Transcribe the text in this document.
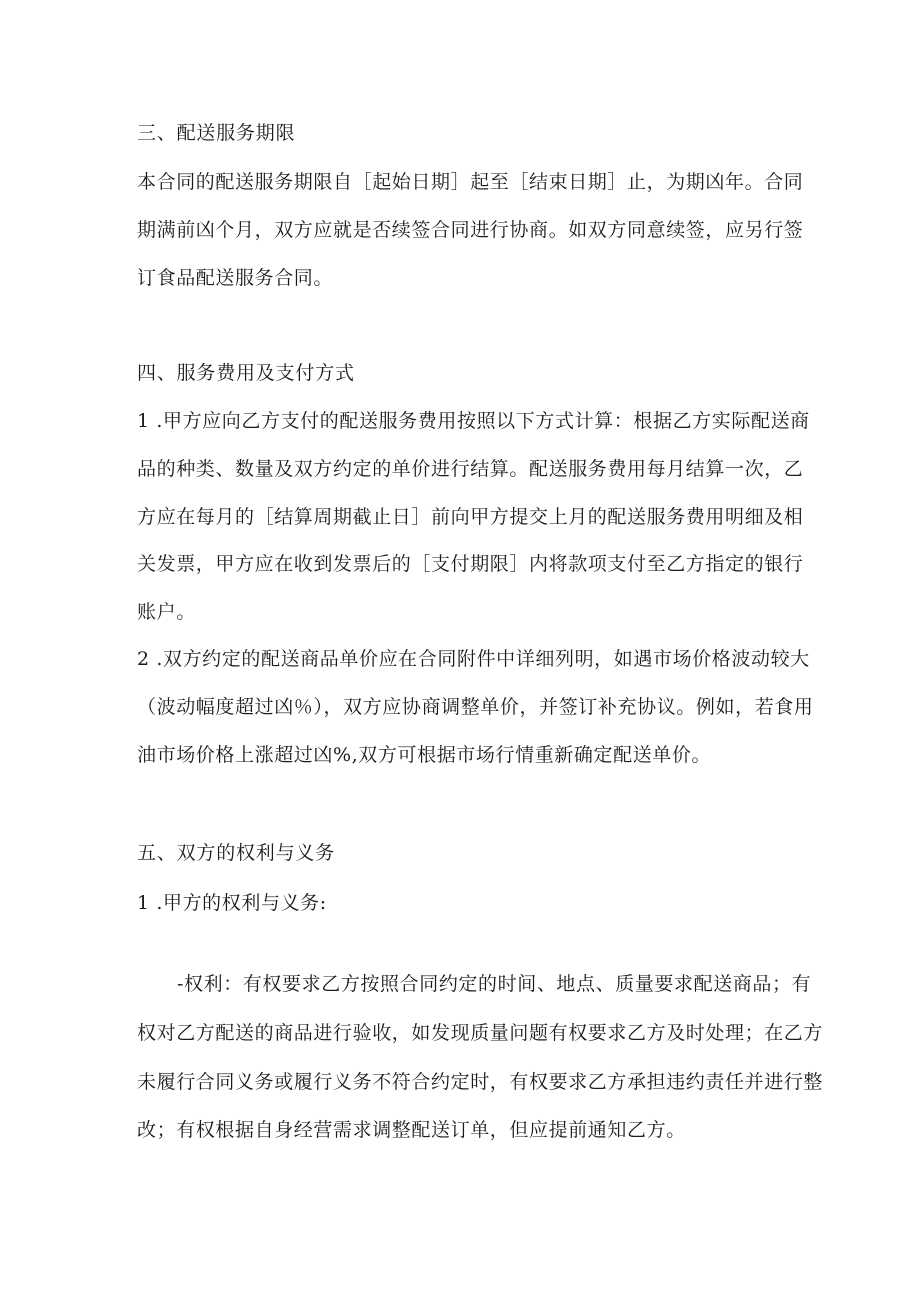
三、配送服务期限
本合同的配送服务期限自［起始日期］起至［结束日期］止，为期凶年。合同
期满前凶个月，双方应就是否续签合同进行协商。如双方同意续签，应另行签
订食品配送服务合同。
四、服务费用及支付方式
1 .甲方应向乙方支付的配送服务费用按照以下方式计算：根据乙方实际配送商
品的种类、数量及双方约定的单价进行结算。配送服务费用每月结算一次，乙
方应在每月的［结算周期截止日］前向甲方提交上月的配送服务费用明细及相
关发票，甲方应在收到发票后的［支付期限］内将款项支付至乙方指定的银行
账户。
2 .双方约定的配送商品单价应在合同附件中详细列明，如遇市场价格波动较大
（波动幅度超过凶％），双方应协商调整单价，并签订补充协议。例如，若食用
油市场价格上涨超过凶%,双方可根据市场行情重新确定配送单价。
五、双方的权利与义务
1 .甲方的权利与义务:
-权利：有权要求乙方按照合同约定的时间、地点、质量要求配送商品；有
权对乙方配送的商品进行验收，如发现质量问题有权要求乙方及时处理；在乙方
未履行合同义务或履行义务不符合约定时，有权要求乙方承担违约责任并进行整
改；有权根据自身经营需求调整配送订单，但应提前通知乙方。
